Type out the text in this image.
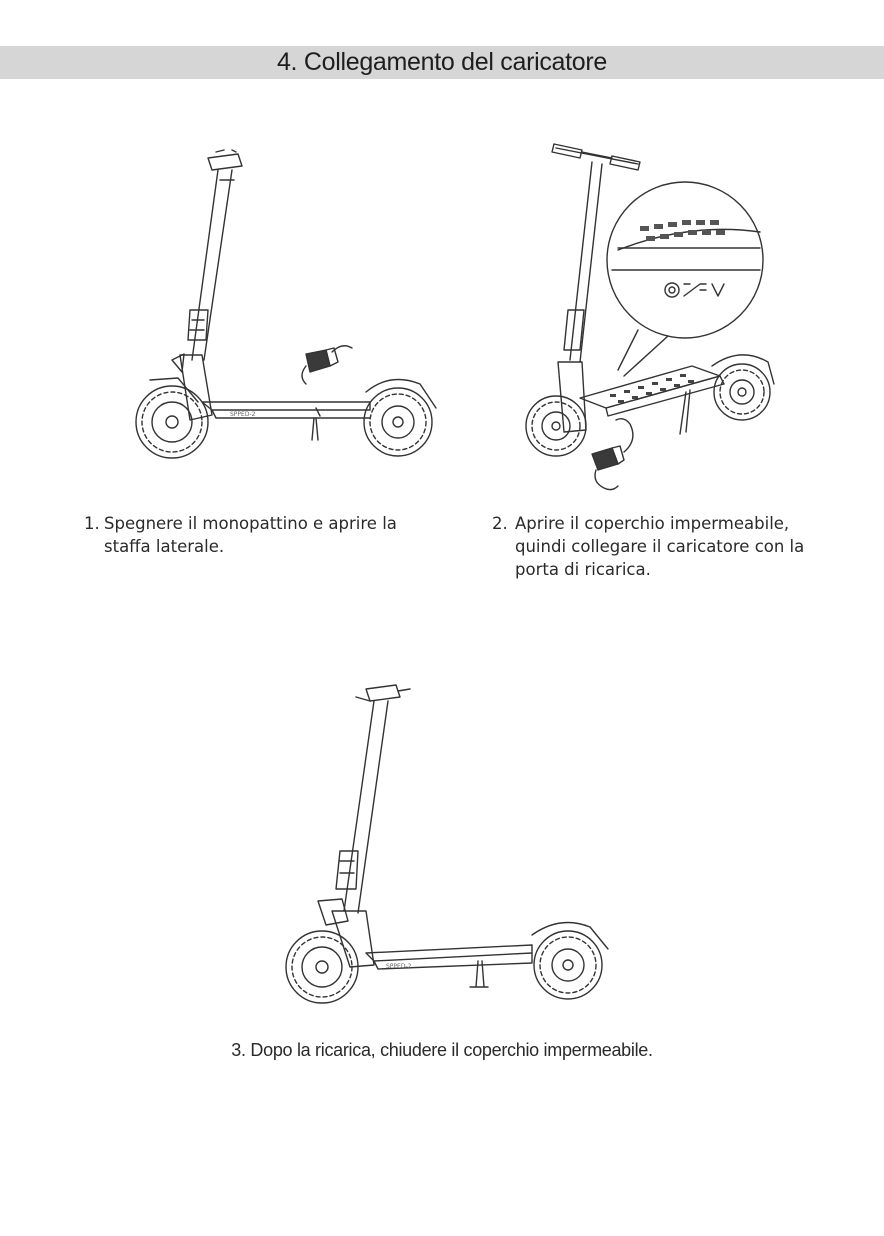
4. Collegamento del caricatore
SPPED-2
1. Spegnere il monopattino e aprire la
staffa laterale.
2. Aprire il coperchio impermeabile,
quindi collegare il caricatore con la
porta di ricarica.
SPPED-2
3. Dopo la ricarica, chiudere il coperchio impermeabile.
